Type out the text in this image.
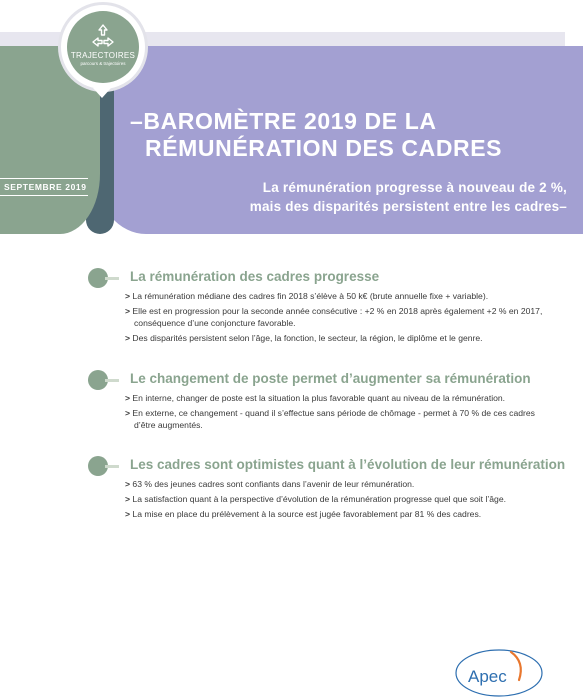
TRAJECTOIRES
parcours & trajectoires
SEPTEMBRE 2019
–BAROMÈTRE 2019 DE LA
RÉMUNÉRATION DES CADRES
La rémunération progresse à nouveau de 2 %,
mais des disparités persistent entre les cadres–
La rémunération des cadres progresse
> La rémunération médiane des cadres fin 2018 s’élève à 50 k€ (brute annuelle fixe + variable).
> Elle est en progression pour la seconde année consécutive : +2 % en 2018 après également +2 % en 2017, conséquence d’une conjoncture favorable.
> Des disparités persistent selon l’âge, la fonction, le secteur, la région, le diplôme et le genre.
Le changement de poste permet d’augmenter sa rémunération
> En interne, changer de poste est la situation la plus favorable quant au niveau de la rémunération.
> En externe, ce changement - quand il s’effectue sans période de chômage - permet à 70 % de ces cadres d’être augmentés.
Les cadres sont optimistes quant à l’évolution de leur rémunération
> 63 % des jeunes cadres sont confiants dans l’avenir de leur rémunération.
> La satisfaction quant à la perspective d’évolution de la rémunération progresse quel que soit l’âge.
> La mise en place du prélèvement à la source est jugée favorablement par 81 % des cadres.
Apec
